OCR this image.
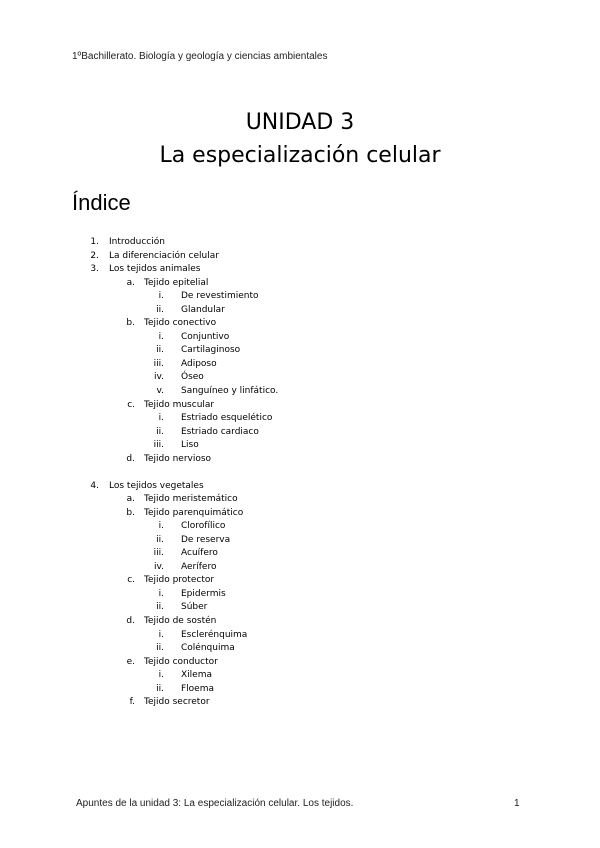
1ºBachillerato. Biología y geología y ciencias ambientales
UNIDAD 3
La especialización celular
Índice
1. Introducción
2. La diferenciación celular
3. Los tejidos animales
a. Tejido epitelial
i. De revestimiento
ii. Glandular
b. Tejido conectivo
i. Conjuntivo
ii. Cartilaginoso
iii. Adiposo
iv. Óseo
v. Sanguíneo y linfático.
c. Tejido muscular
i. Estriado esquelético
ii. Estriado cardiaco
iii. Liso
d. Tejido nervioso
4. Los tejidos vegetales
a. Tejido meristemático
b. Tejido parenquimático
i. Clorofílico
ii. De reserva
iii. Acuífero
iv. Aerífero
c. Tejido protector
i. Epidermis
ii. Súber
d. Tejido de sostén
i. Esclerénquima
ii. Colénquima
e. Tejido conductor
i. Xilema
ii. Floema
f. Tejido secretor
Apuntes de la unidad 3: La especialización celular. Los tejidos.	1
